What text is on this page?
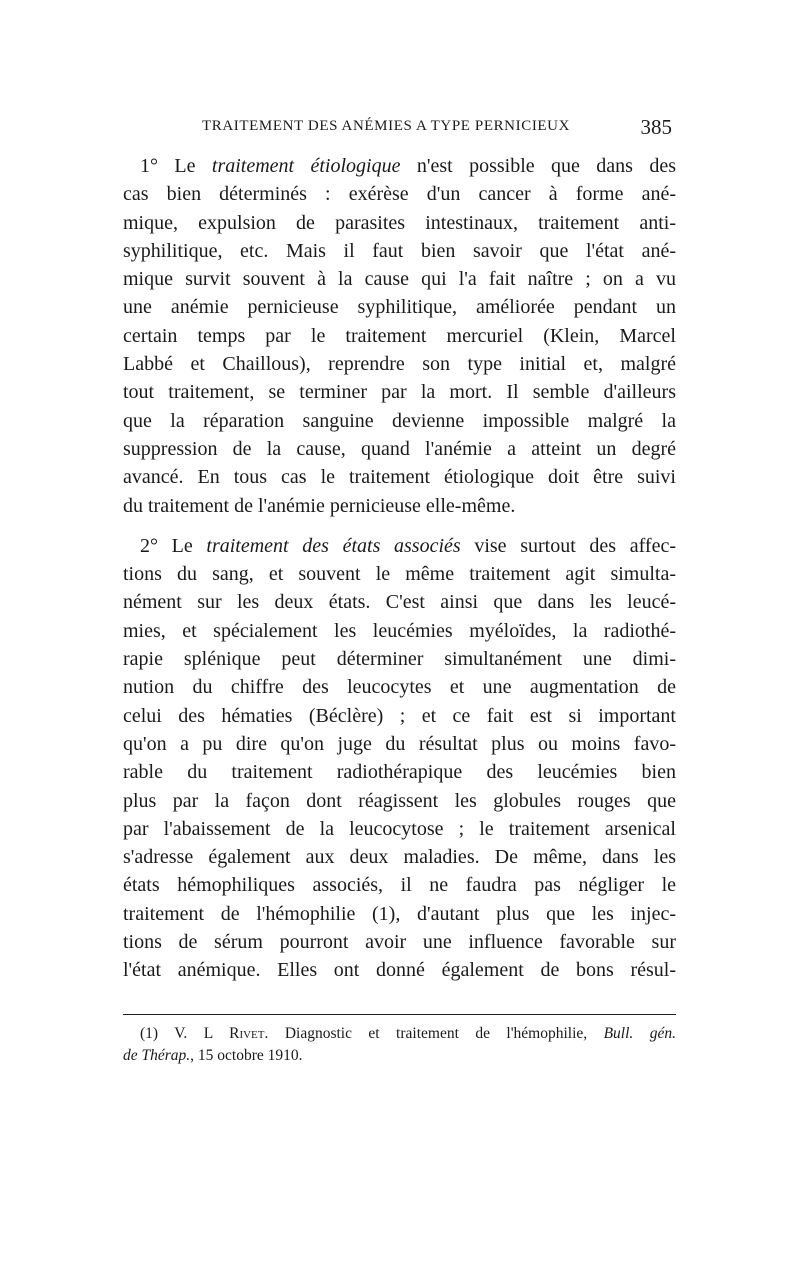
TRAITEMENT DES ANÉMIES A TYPE PERNICIEUX	385
1° Le traitement étiologique n'est possible que dans des
cas bien déterminés : exérèse d'un cancer à forme ané-
mique, expulsion de parasites intestinaux, traitement anti-
syphilitique, etc. Mais il faut bien savoir que l'état ané-
mique survit souvent à la cause qui l'a fait naître ; on a vu
une anémie pernicieuse syphilitique, améliorée pendant un
certain temps par le traitement mercuriel (Klein, Marcel
Labbé et Chaillous), reprendre son type initial et, malgré
tout traitement, se terminer par la mort. Il semble d'ailleurs
que la réparation sanguine devienne impossible malgré la
suppression de la cause, quand l'anémie a atteint un degré
avancé. En tous cas le traitement étiologique doit être suivi
du traitement de l'anémie pernicieuse elle-même.
2° Le traitement des états associés vise surtout des affec-
tions du sang, et souvent le même traitement agit simulta-
nément sur les deux états. C'est ainsi que dans les leucé-
mies, et spécialement les leucémies myéloïdes, la radiothé-
rapie splénique peut déterminer simultanément une dimi-
nution du chiffre des leucocytes et une augmentation de
celui des hématies (Béclère) ; et ce fait est si important
qu'on a pu dire qu'on juge du résultat plus ou moins favo-
rable du traitement radiothérapique des leucémies bien
plus par la façon dont réagissent les globules rouges que
par l'abaissement de la leucocytose ; le traitement arsenical
s'adresse également aux deux maladies. De même, dans les
états hémophiliques associés, il ne faudra pas négliger le
traitement de l'hémophilie (1), d'autant plus que les injec-
tions de sérum pourront avoir une influence favorable sur
l'état anémique. Elles ont donné également de bons résul-
(1) V. L Rivet. Diagnostic et traitement de l'hémophilie, Bull. gén.
de Thérap., 15 octobre 1910.
